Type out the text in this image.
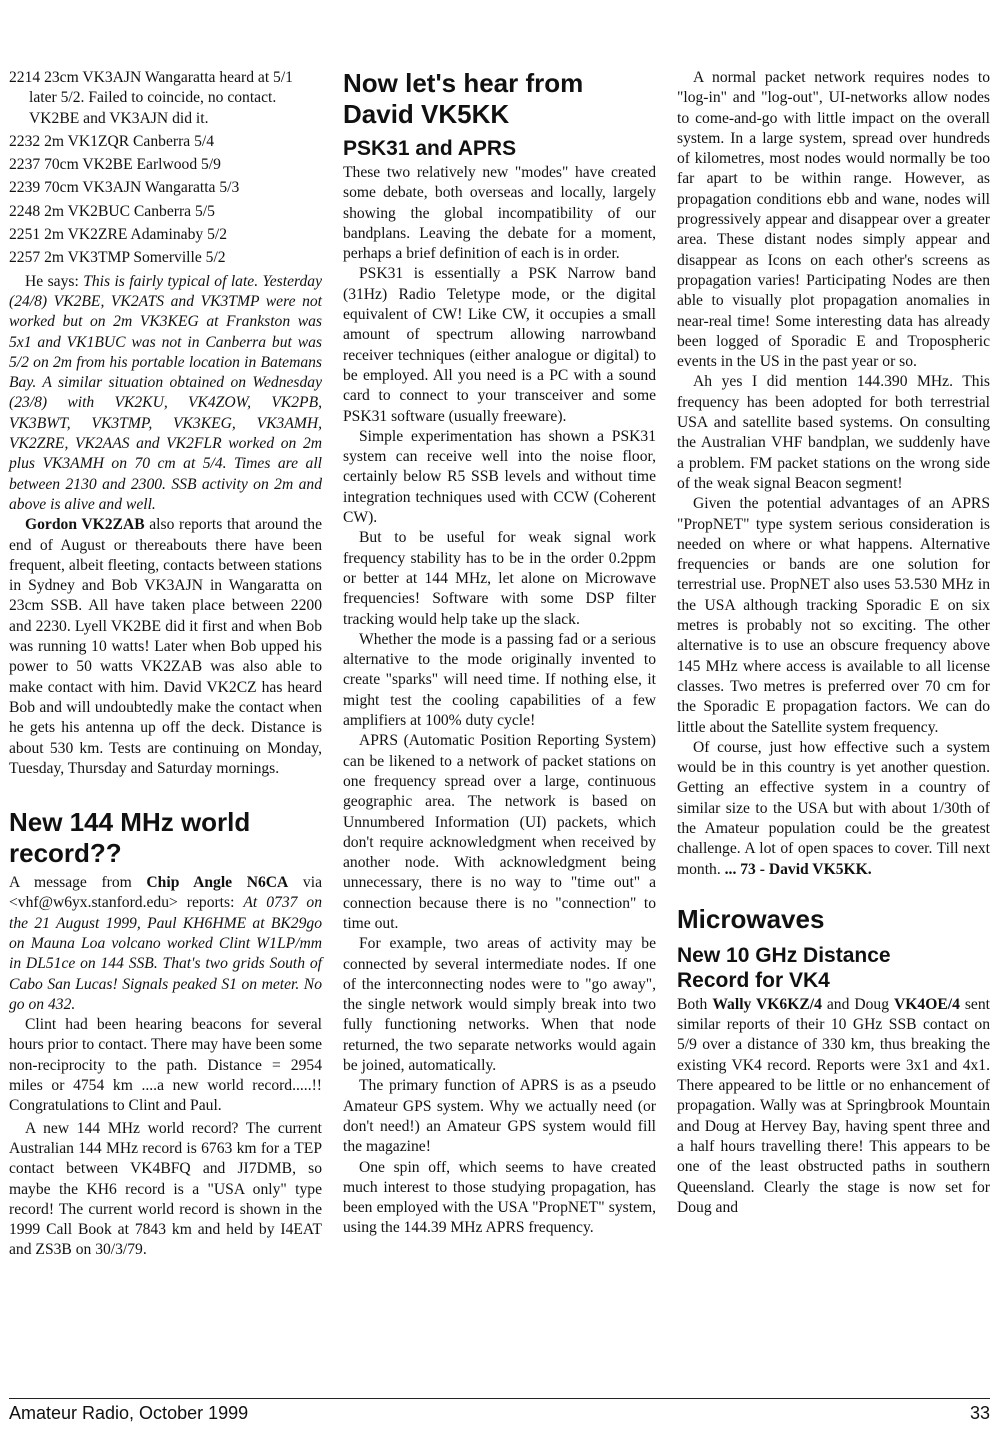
2214 23cm VK3AJN Wangaratta heard at 5/1 later 5/2. Failed to coincide, no contact. VK2BE and VK3AJN did it.

2232 2m VK1ZQR Canberra 5/4

2237 70cm VK2BE Earlwood 5/9

2239 70cm VK3AJN Wangaratta 5/3

2248 2m VK2BUC Canberra 5/5

2251 2m VK2ZRE Adaminaby 5/2

2257 2m VK3TMP Somerville 5/2

He says: This is fairly typical of late. Yesterday (24/8) VK2BE, VK2ATS and VK3TMP were not worked but on 2m VK3KEG at Frankston was 5x1 and VK1BUC was not in Canberra but was 5/2 on 2m from his portable location in Batemans Bay. A similar situation obtained on Wednesday (23/8) with VK2KU, VK4ZOW, VK2PB, VK3BWT, VK3TMP, VK3KEG, VK3AMH, VK2ZRE, VK2AAS and VK2FLR worked on 2m plus VK3AMH on 70 cm at 5/4. Times are all between 2130 and 2300. SSB activity on 2m and above is alive and well.

Gordon VK2ZAB also reports that around the end of August or thereabouts there have been frequent, albeit fleeting, contacts between stations in Sydney and Bob VK3AJN in Wangaratta on 23cm SSB. All have taken place between 2200 and 2230. Lyell VK2BE did it first and when Bob was running 10 watts! Later when Bob upped his power to 50 watts VK2ZAB was also able to make contact with him. David VK2CZ has heard Bob and will undoubtedly make the contact when he gets his antenna up off the deck. Distance is about 530 km. Tests are continuing on Monday, Tuesday, Thursday and Saturday mornings.

New 144 MHz world record??

A message from Chip Angle N6CA via <vhf@w6yx.stanford.edu> reports: At 0737 on the 21 August 1999, Paul KH6HME at BK29go on Mauna Loa volcano worked Clint W1LP/mm in DL51ce on 144 SSB. That's two grids South of Cabo San Lucas! Signals peaked S1 on meter. No go on 432.

Clint had been hearing beacons for several hours prior to contact. There may have been some non-reciprocity to the path. Distance = 2954 miles or 4754 km ....a new world record.....!! Congratulations to Clint and Paul.

A new 144 MHz world record? The current Australian 144 MHz record is 6763 km for a TEP contact between VK4BFQ and JI7DMB, so maybe the KH6 record is a "USA only" type record! The current world record is shown in the 1999 Call Book at 7843 km and held by I4EAT and ZS3B on 30/3/79.

Now let's hear from David VK5KK
PSK31 and APRS

These two relatively new "modes" have created some debate, both overseas and locally, largely showing the global incompatibility of our bandplans. Leaving the debate for a moment, perhaps a brief definition of each is in order.

PSK31 is essentially a PSK Narrow band (31Hz) Radio Teletype mode, or the digital equivalent of CW! Like CW, it occupies a small amount of spectrum allowing narrowband receiver techniques (either analogue or digital) to be employed. All you need is a PC with a sound card to connect to your transceiver and some PSK31 software (usually freeware).

Simple experimentation has shown a PSK31 system can receive well into the noise floor, certainly below R5 SSB levels and without time integration techniques used with CCW (Coherent CW).

But to be useful for weak signal work frequency stability has to be in the order 0.2ppm or better at 144 MHz, let alone on Microwave frequencies! Software with some DSP filter tracking would help take up the slack.

Whether the mode is a passing fad or a serious alternative to the mode originally invented to create "sparks" will need time. If nothing else, it might test the cooling capabilities of a few amplifiers at 100% duty cycle!

APRS (Automatic Position Reporting System) can be likened to a network of packet stations on one frequency spread over a large, continuous geographic area. The network is based on Unnumbered Information (UI) packets, which don't require acknowledgment when received by another node. With acknowledgment being unnecessary, there is no way to "time out" a connection because there is no "connection" to time out.

For example, two areas of activity may be connected by several intermediate nodes. If one of the interconnecting nodes were to "go away", the single network would simply break into two fully functioning networks. When that node returned, the two separate networks would again be joined, automatically.

The primary function of APRS is as a pseudo Amateur GPS system. Why we actually need (or don't need!) an Amateur GPS system would fill the magazine!

One spin off, which seems to have created much interest to those studying propagation, has been employed with the USA "PropNET" system, using the 144.39 MHz APRS frequency.

A normal packet network requires nodes to "log-in" and "log-out", UI-networks allow nodes to come-and-go with little impact on the overall system. In a large system, spread over hundreds of kilometres, most nodes would normally be too far apart to be within range. However, as propagation conditions ebb and wane, nodes will progressively appear and disappear over a greater area. These distant nodes simply appear and disappear as Icons on each other's screens as propagation varies! Participating Nodes are then able to visually plot propagation anomalies in near-real time! Some interesting data has already been logged of Sporadic E and Tropospheric events in the US in the past year or so.

Ah yes I did mention 144.390 MHz. This frequency has been adopted for both terrestrial USA and satellite based systems. On consulting the Australian VHF bandplan, we suddenly have a problem. FM packet stations on the wrong side of the weak signal Beacon segment!

Given the potential advantages of an APRS "PropNET" type system serious consideration is needed on where or what happens. Alternative frequencies or bands are one solution for terrestrial use. PropNET also uses 53.530 MHz in the USA although tracking Sporadic E on six metres is probably not so exciting. The other alternative is to use an obscure frequency above 145 MHz where access is available to all license classes. Two metres is preferred over 70 cm for the Sporadic E propagation factors. We can do little about the Satellite system frequency.

Of course, just how effective such a system would be in this country is yet another question. Getting an effective system in a country of similar size to the USA but with about 1/30th of the Amateur population could be the greatest challenge. A lot of open spaces to cover. Till next month. ... 73 - David VK5KK.

Microwaves
New 10 GHz Distance Record for VK4

Both Wally VK6KZ/4 and Doug VK4OE/4 sent similar reports of their 10 GHz SSB contact on 5/9 over a distance of 330 km, thus breaking the existing VK4 record. Reports were 3x1 and 4x1. There appeared to be little or no enhancement of propagation. Wally was at Springbrook Mountain and Doug at Hervey Bay, having spent three and a half hours travelling there! This appears to be one of the least obstructed paths in southern Queensland. Clearly the stage is now set for Doug and

Amateur Radio, October 1999	33
